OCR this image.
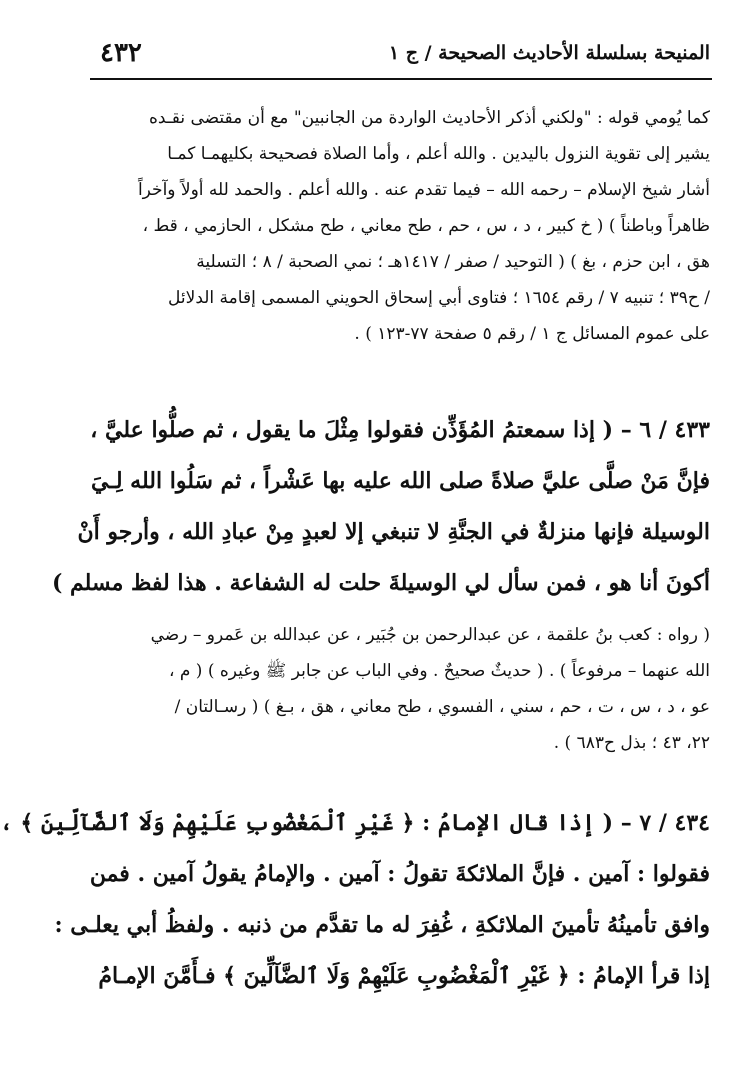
المنيحة بسلسلة الأحاديث الصحيحة / ج ١
٤٣٢
كما يُومي قوله : "ولكني أذكر الأحاديث الواردة من الجانبين" مع أن مقتضى نقـده
يشير إلى تقوية النزول باليدين . والله أعلم ، وأما الصلاة فصحيحة بكليهمـا كمـا
أشار شيخ الإسلام – رحمه الله – فيما تقدم عنه . والله أعلم . والحمد لله أولاً وآخراً
ظاهراً وباطناً ) ( خ كبير ، د ، س ، حم ، طح معاني ، طح مشكل ، الحازمي ، قط ،
هق ، ابن حزم ، بغ ) ( التوحيد / صفر / ١٤١٧هـ ؛ نمي الصحبة / ٨ ؛ التسلية
/ ح٣٩ ؛ تنبيه ٧ / رقم ١٦٥٤ ؛ فتاوى أبي إسحاق الحويني المسمى إقامة الدلائل
على عموم المسائل ج ١ / رقم ٥ صفحة ٧٧-١٢٣ ) .
٤٣٣ / ٦ – ( إذا سمعتمُ المُؤَذِّن فقولوا مِثْلَ ما يقول ، ثم صلُّوا عليَّ ،
فإنَّ مَنْ صلَّى عليَّ صلاةً صلى الله عليه بها عَشْراً ، ثم سَلُوا الله لِـيَ
الوسيلة فإنها منزلةٌ في الجنَّةِ لا تنبغي إلا لعبدٍ مِنْ عبادِ الله ، وأرجو أَنْ
أكونَ أنا هو ، فمن سأل لي الوسيلةَ حلت له الشفاعة . هذا لفظ مسلم )
( رواه : كعب بنُ علقمة ، عن عبدالرحمن بن جُبَير ، عن عبدالله بن عَمرو – رضي
الله عنهما – مرفوعاً ) . ( حديثٌ صحيحٌ . وفي الباب عن جابر ﷺ وغيره ) ( م ،
عو ، د ، س ، ت ، حم ، سني ، الفسوي ، طح معاني ، هق ، بـغ ) ( رسـالتان /
٢٢، ٤٣ ؛ بذل ح٦٨٣ ) .
٤٣٤ / ٧ – ( إذا قال الإمامُ : ﴿ غَيْرِ ٱلْمَغْضُوبِ عَلَيْهِمْ وَلَا ٱلضَّآلِّينَ ﴾ ،
فقولوا : آمين . فإنَّ الملائكةَ تقولُ : آمين . والإمامُ يقولُ آمين . فمن
وافق تأمينُهُ تأمينَ الملائكةِ ، غُفِرَ له ما تقدَّم من ذنبه . ولفظُ أبي يعلـى :
إذا قرأ الإمامُ : ﴿ غَيْرِ ٱلْمَغْضُوبِ عَلَيْهِمْ وَلَا ٱلضَّآلِّينَ ﴾ فـأَمَّنَ الإمـامُ
